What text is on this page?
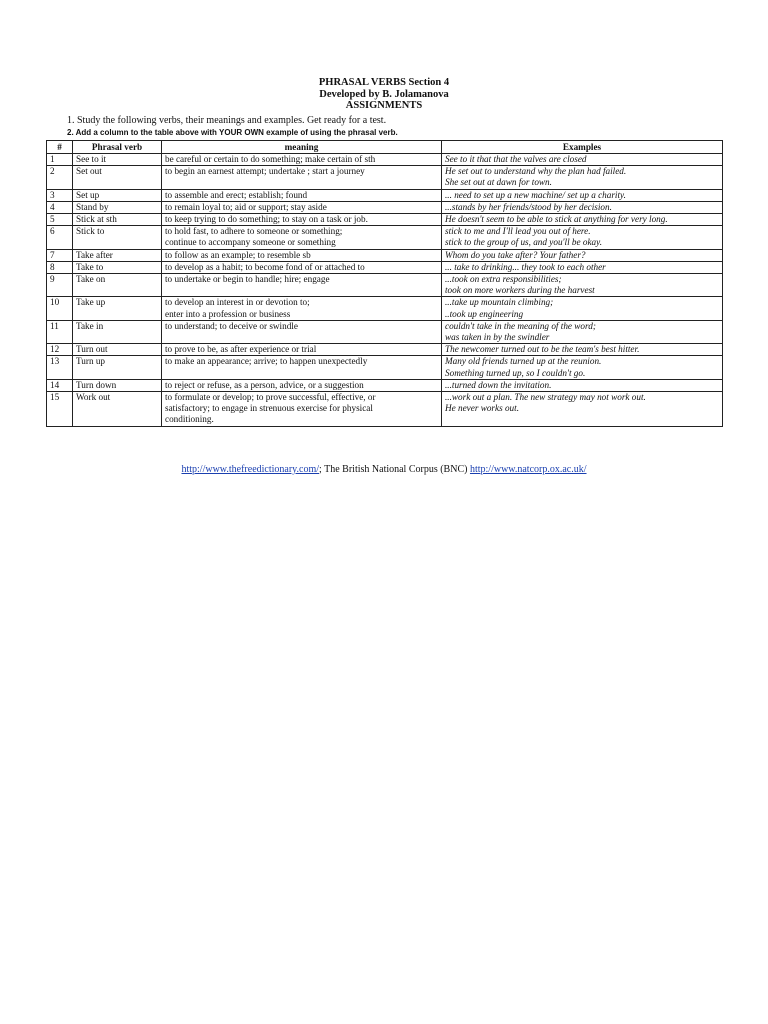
PHRASAL VERBS Section 4
Developed by B. Jolamanova
ASSIGNMENTS
1. Study the following verbs, their meanings and examples. Get ready for a test.
2. Add a column to the table above with YOUR OWN example of using the phrasal verb.
#	Phrasal verb	meaning	Examples
1	See to it	be careful or certain to do something; make certain of sth	See to it that that the valves are closed

2	Set out	to begin an earnest attempt; undertake ; start a journey	He set out to understand why the plan had failed.
She set out at dawn for town.

3	Set up	to assemble and erect; establish; found	... need to set up a new machine/ set up a charity.

4	Stand by	to remain loyal to; aid or support; stay aside	...stands by her friends/stood by her decision.

5	Stick at sth	to keep trying to do something; to stay on a task or job.	He doesn't seem to be able to stick at anything for very long.

6	Stick to	to hold fast, to adhere to someone or something;
continue to accompany someone or something	stick to me and I'll lead you out of here.
stick to the group of us, and you'll be okay.

7	Take after	to follow as an example; to resemble sb	Whom do you take after? Your father?

8	Take to	to develop as a habit; to become fond of or attached to	... take to drinking... they took to each other

9	Take on	to undertake or begin to handle; hire; engage	...took on extra responsibilities;
took on more workers during the harvest

10	Take up	to develop an interest in or devotion to;
enter into a profession or business	...take up mountain climbing;
..took up engineering

11	Take in	to understand; to deceive or swindle	couldn't take in the meaning of the word;
was taken in by the swindler

12	Turn out	to prove to be, as after experience or trial	The newcomer turned out to be the team's best hitter.

13	Turn up	to make an appearance; arrive; to happen unexpectedly	Many old friends turned up at the reunion.
Something turned up, so I couldn't go.

14	Turn down	to reject or refuse, as a person, advice, or a suggestion	...turned down the invitation.

15	Work out	to formulate or develop; to prove successful, effective, or
satisfactory; to engage in strenuous exercise for physical
conditioning.	...work out a plan. The new strategy may not work out.
He never works out.
http://www.thefreedictionary.com/; The British National Corpus (BNC) http://www.natcorp.ox.ac.uk/
